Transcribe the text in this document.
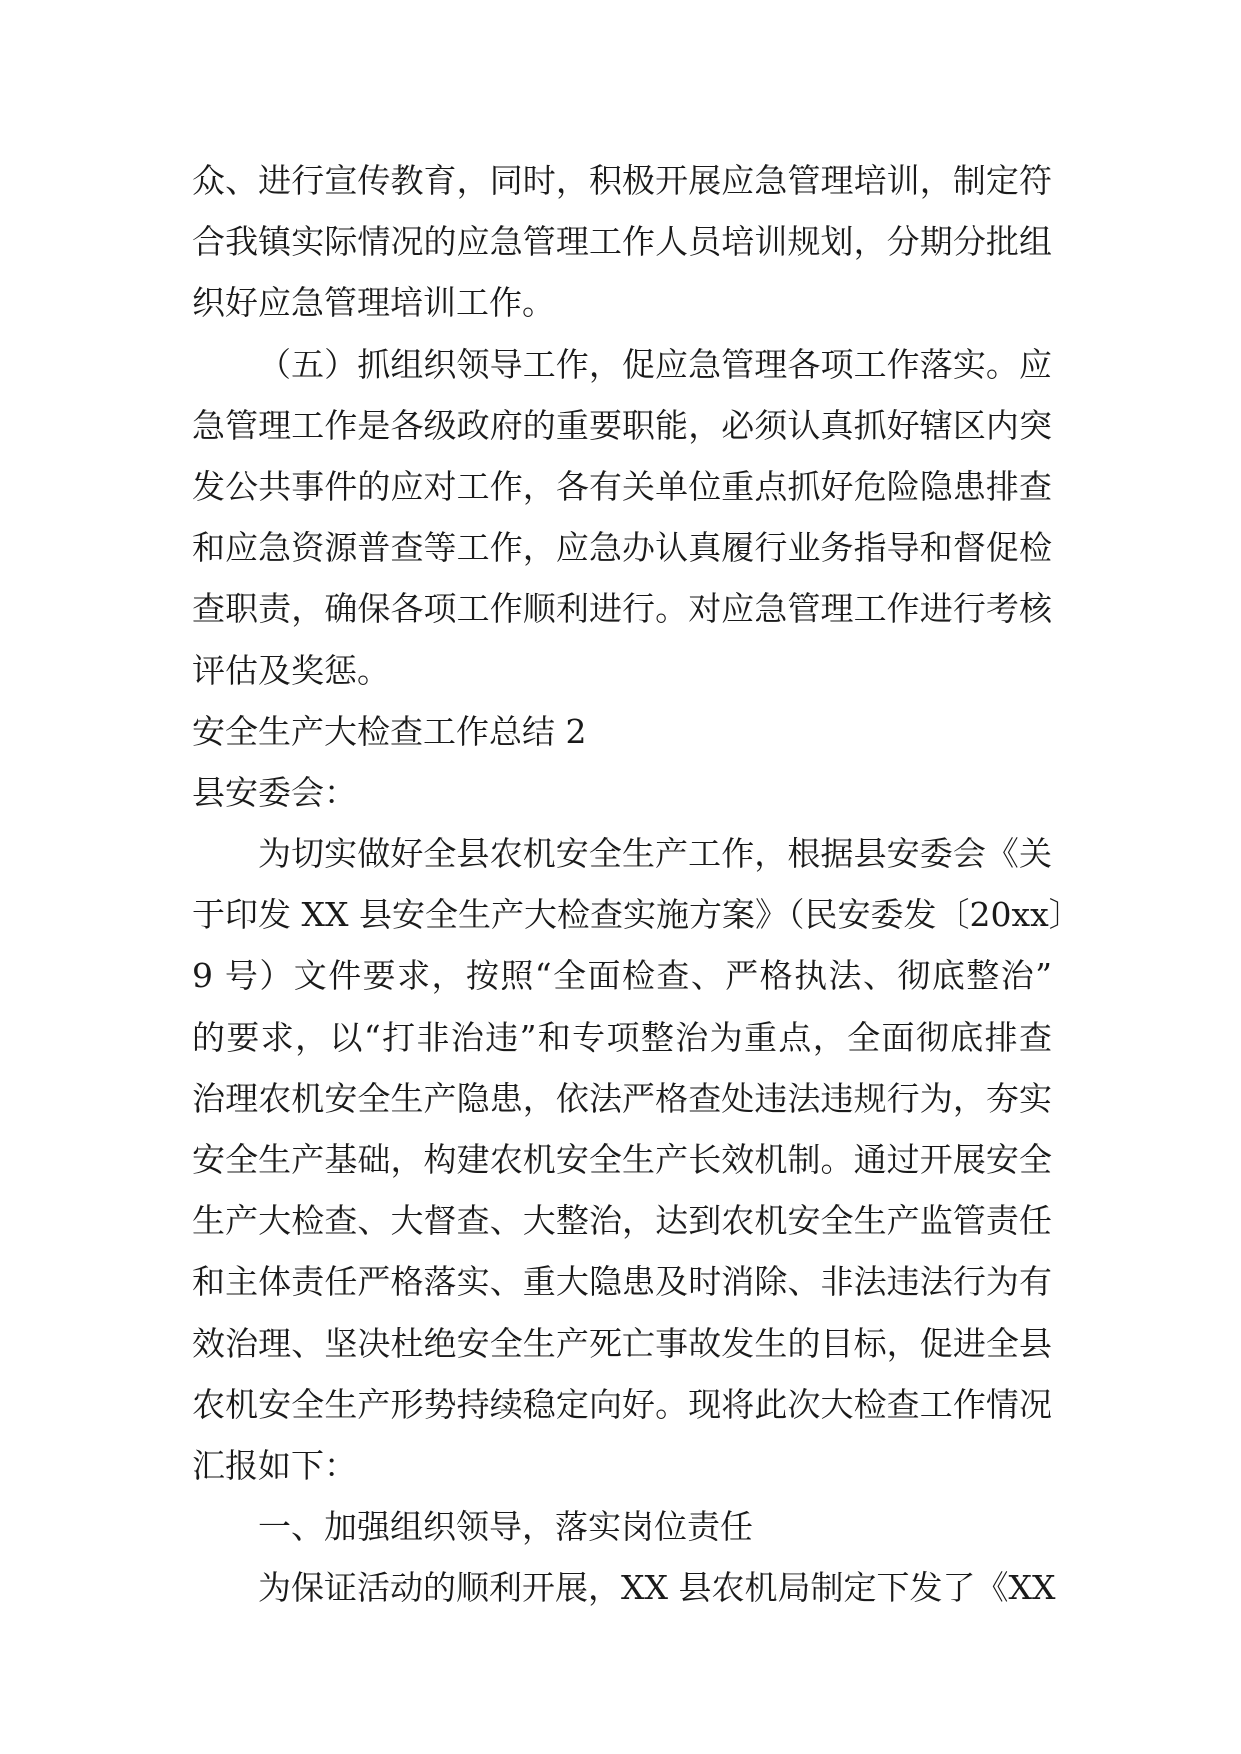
众、进行宣传教育，同时，积极开展应急管理培训，制定符
合我镇实际情况的应急管理工作人员培训规划，分期分批组
织好应急管理培训工作。
（五）抓组织领导工作，促应急管理各项工作落实。应
急管理工作是各级政府的重要职能，必须认真抓好辖区内突
发公共事件的应对工作，各有关单位重点抓好危险隐患排查
和应急资源普查等工作，应急办认真履行业务指导和督促检
查职责，确保各项工作顺利进行。对应急管理工作进行考核
评估及奖惩。
安全生产大检查工作总结 2
县安委会：
为切实做好全县农机安全生产工作，根据县安委会《关
于印发 XX 县安全生产大检查实施方案》（民安委发〔20xx〕
9 号）文件要求，按照“全面检查、严格执法、彻底整治”
的要求，以“打非治违”和专项整治为重点，全面彻底排查
治理农机安全生产隐患，依法严格查处违法违规行为，夯实
安全生产基础，构建农机安全生产长效机制。通过开展安全
生产大检查、大督查、大整治，达到农机安全生产监管责任
和主体责任严格落实、重大隐患及时消除、非法违法行为有
效治理、坚决杜绝安全生产死亡事故发生的目标，促进全县
农机安全生产形势持续稳定向好。现将此次大检查工作情况
汇报如下：
一、加强组织领导，落实岗位责任
为保证活动的顺利开展，XX 县农机局制定下发了《XX
